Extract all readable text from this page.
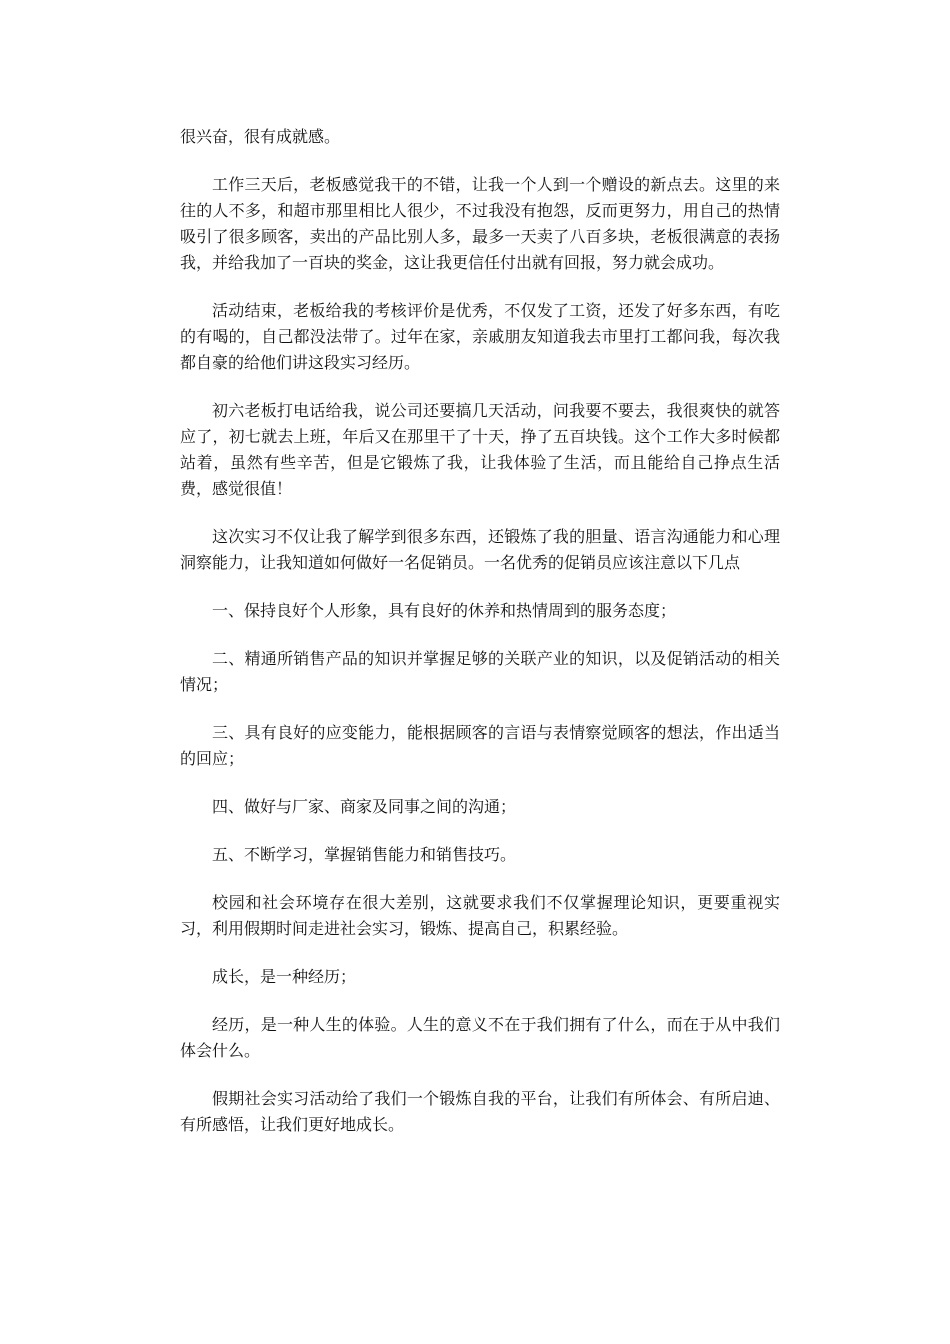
很兴奋，很有成就感。

工作三天后，老板感觉我干的不错，让我一个人到一个赠设的新点去。这里的来往的人不多，和超市那里相比人很少，不过我没有抱怨，反而更努力，用自己的热情吸引了很多顾客，卖出的产品比别人多，最多一天卖了八百多块，老板很满意的表扬我，并给我加了一百块的奖金，这让我更信任付出就有回报，努力就会成功。

活动结束，老板给我的考核评价是优秀，不仅发了工资，还发了好多东西，有吃的有喝的，自己都没法带了。过年在家，亲戚朋友知道我去市里打工都问我，每次我都自豪的给他们讲这段实习经历。

初六老板打电话给我，说公司还要搞几天活动，问我要不要去，我很爽快的就答应了，初七就去上班，年后又在那里干了十天，挣了五百块钱。这个工作大多时候都站着，虽然有些辛苦，但是它锻炼了我，让我体验了生活，而且能给自己挣点生活费，感觉很值！

这次实习不仅让我了解学到很多东西，还锻炼了我的胆量、语言沟通能力和心理洞察能力，让我知道如何做好一名促销员。一名优秀的促销员应该注意以下几点

一、保持良好个人形象，具有良好的休养和热情周到的服务态度；

二、精通所销售产品的知识并掌握足够的关联产业的知识，以及促销活动的相关情况；

三、具有良好的应变能力，能根据顾客的言语与表情察觉顾客的想法，作出适当的回应；

四、做好与厂家、商家及同事之间的沟通；

五、不断学习，掌握销售能力和销售技巧。

校园和社会环境存在很大差别，这就要求我们不仅掌握理论知识，更要重视实习，利用假期时间走进社会实习，锻炼、提高自己，积累经验。

成长，是一种经历；

经历，是一种人生的体验。人生的意义不在于我们拥有了什么，而在于从中我们体会什么。

假期社会实习活动给了我们一个锻炼自我的平台，让我们有所体会、有所启迪、有所感悟，让我们更好地成长。
